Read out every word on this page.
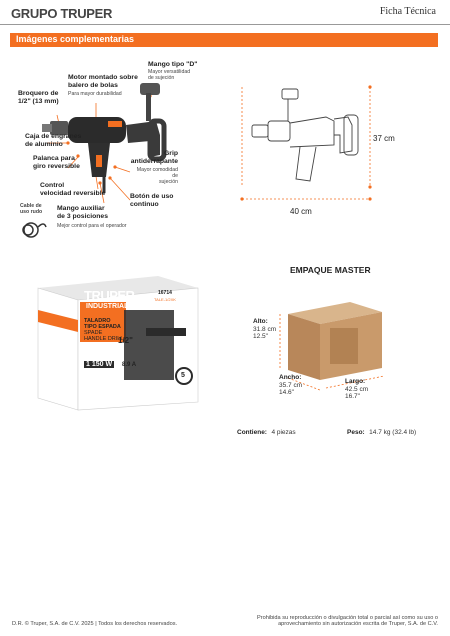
GRUPO TRUPER	Ficha Técnica
Imágenes complementarias
Broquero de
1/2" (13 mm)
Motor montado sobre
balero de bolas
Para mayor durabilidad
Mango tipo "D"
Mayor versatilidad
de sujeción
Caja de engranes
de aluminio
Palanca para
giro reversible
Control
velocidad reversible
Grip
antiderrapante
Mayor comodidad de
sujeción
Botón de uso
continuo
Cable de
uso rudo Mango auxiliar
de 3 posiciones
Mejor control para el operador
37 cm
40 cm
TRUPER
INDUSTRIAL
16714
TALE-1/2XK
TALADRO
TIPO ESPADA
SPADE
HANDLE DRILL
1/2"
1 150 W	8.9 A
5
EMPAQUE MASTER
Alto:
31.8 cm
12.5"
Ancho:
35.7 cm
14.6"
Largo:
42.5 cm
16.7"
Contiene: 4 piezas	Peso: 14.7 kg (32.4 lb)
D.R. © Truper, S.A. de C.V. 2025 | Todos los derechos reservados.
Prohibida su reproducción o divulgación total o parcial así como su uso o
aprovechamiento sin autorización escrita de Truper, S.A. de C.V.
